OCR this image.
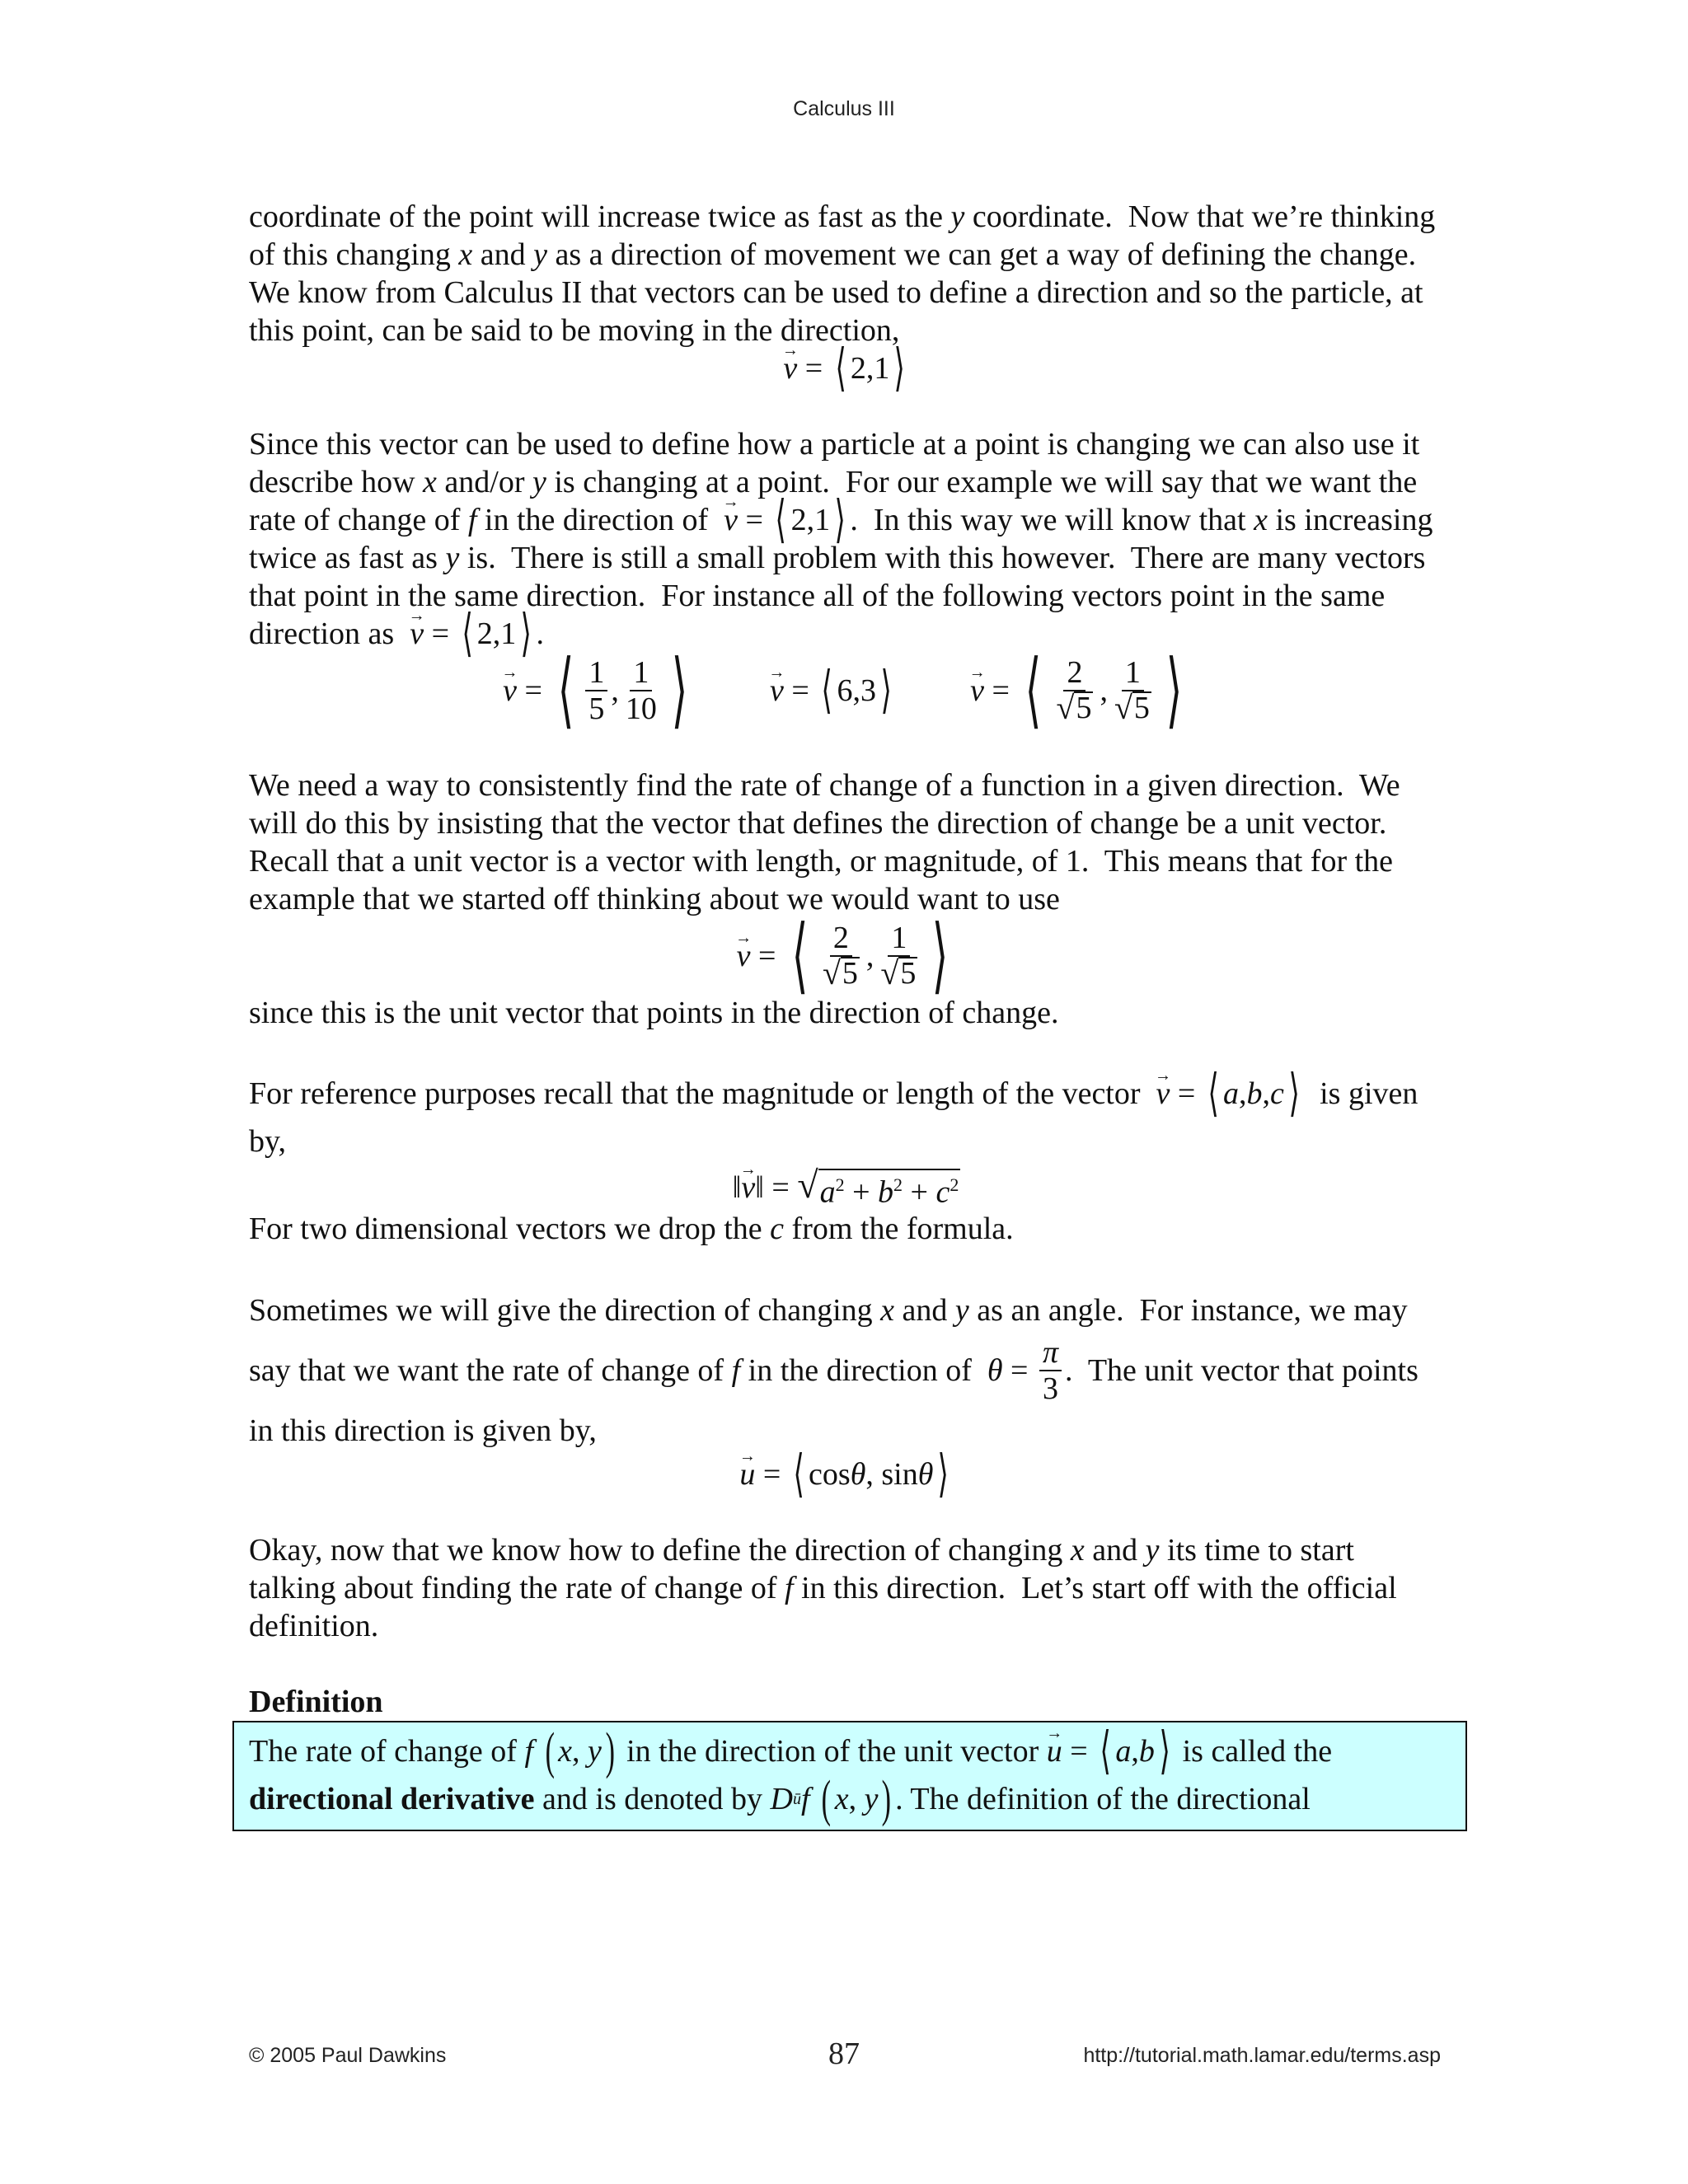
Calculus III

coordinate of the point will increase twice as fast as the y coordinate.  Now that we’re thinking of this changing x and y as a direction of movement we can get a way of defining the change.  We know from Calculus II that vectors can be used to define a direction and so the particle, at this point, can be said to be moving in the direction,

→ v = ⟨ 2,1 ⟩

Since this vector can be used to define how a particle at a point is changing we can also use it describe how x and/or y is changing at a point.  For our example we will say that we want the rate of change of f in the direction of → v = ⟨ 2,1 ⟩ .  In this way we will know that x is increasing twice as fast as y is.  There is still a small problem with this however.  There are many vectors that point in the same direction.  For instance all of the following vectors point in the same direction as → v = ⟨ 2,1 ⟩ .

→ v = ⟨ $\frac{1}{5}$ , $\frac{1}{10}$ ⟩	→ v = ⟨ 6,3 ⟩	→ v = ⟨ $\frac{2}{√ 5}$ , $\frac{1}{√ 5}$ ⟩

We need a way to consistently find the rate of change of a function in a given direction.  We will do this by insisting that the vector that defines the direction of change be a unit vector.  Recall that a unit vector is a vector with length, or magnitude, of 1.  This means that for the example that we started off thinking about we would want to use

→ v = ⟨ $\frac{2}{√ 5}$ , $\frac{1}{√ 5}$ ⟩

since this is the unit vector that points in the direction of change.

For reference purposes recall that the magnitude or length of the vector → v = ⟨ a , b , c ⟩ is given by,

‖ → v ‖ = √ $a^2 + b^2 + c^2$

For two dimensional vectors we drop the c from the formula.

Sometimes we will give the direction of changing x and y as an angle.  For instance, we may say that we want the rate of change of f in the direction of $\theta = \frac{\pi}{3}$ .  The unit vector that points in this direction is given by,

→ u = ⟨ cos θ , sin θ ⟩

Okay, now that we know how to define the direction of changing x and y its time to start talking about finding the rate of change of f in this direction.  Let’s start off with the official definition.

Definition

The rate of change of f
( x , y ) in the direction of the unit vector → u = ⟨ a , b ⟩ is called the directional derivative and is denoted by D ū f
( x , y ) . The definition of the directional

© 2005 Paul Dawkins	87	http://tutorial.math.lamar.edu/terms.asp
